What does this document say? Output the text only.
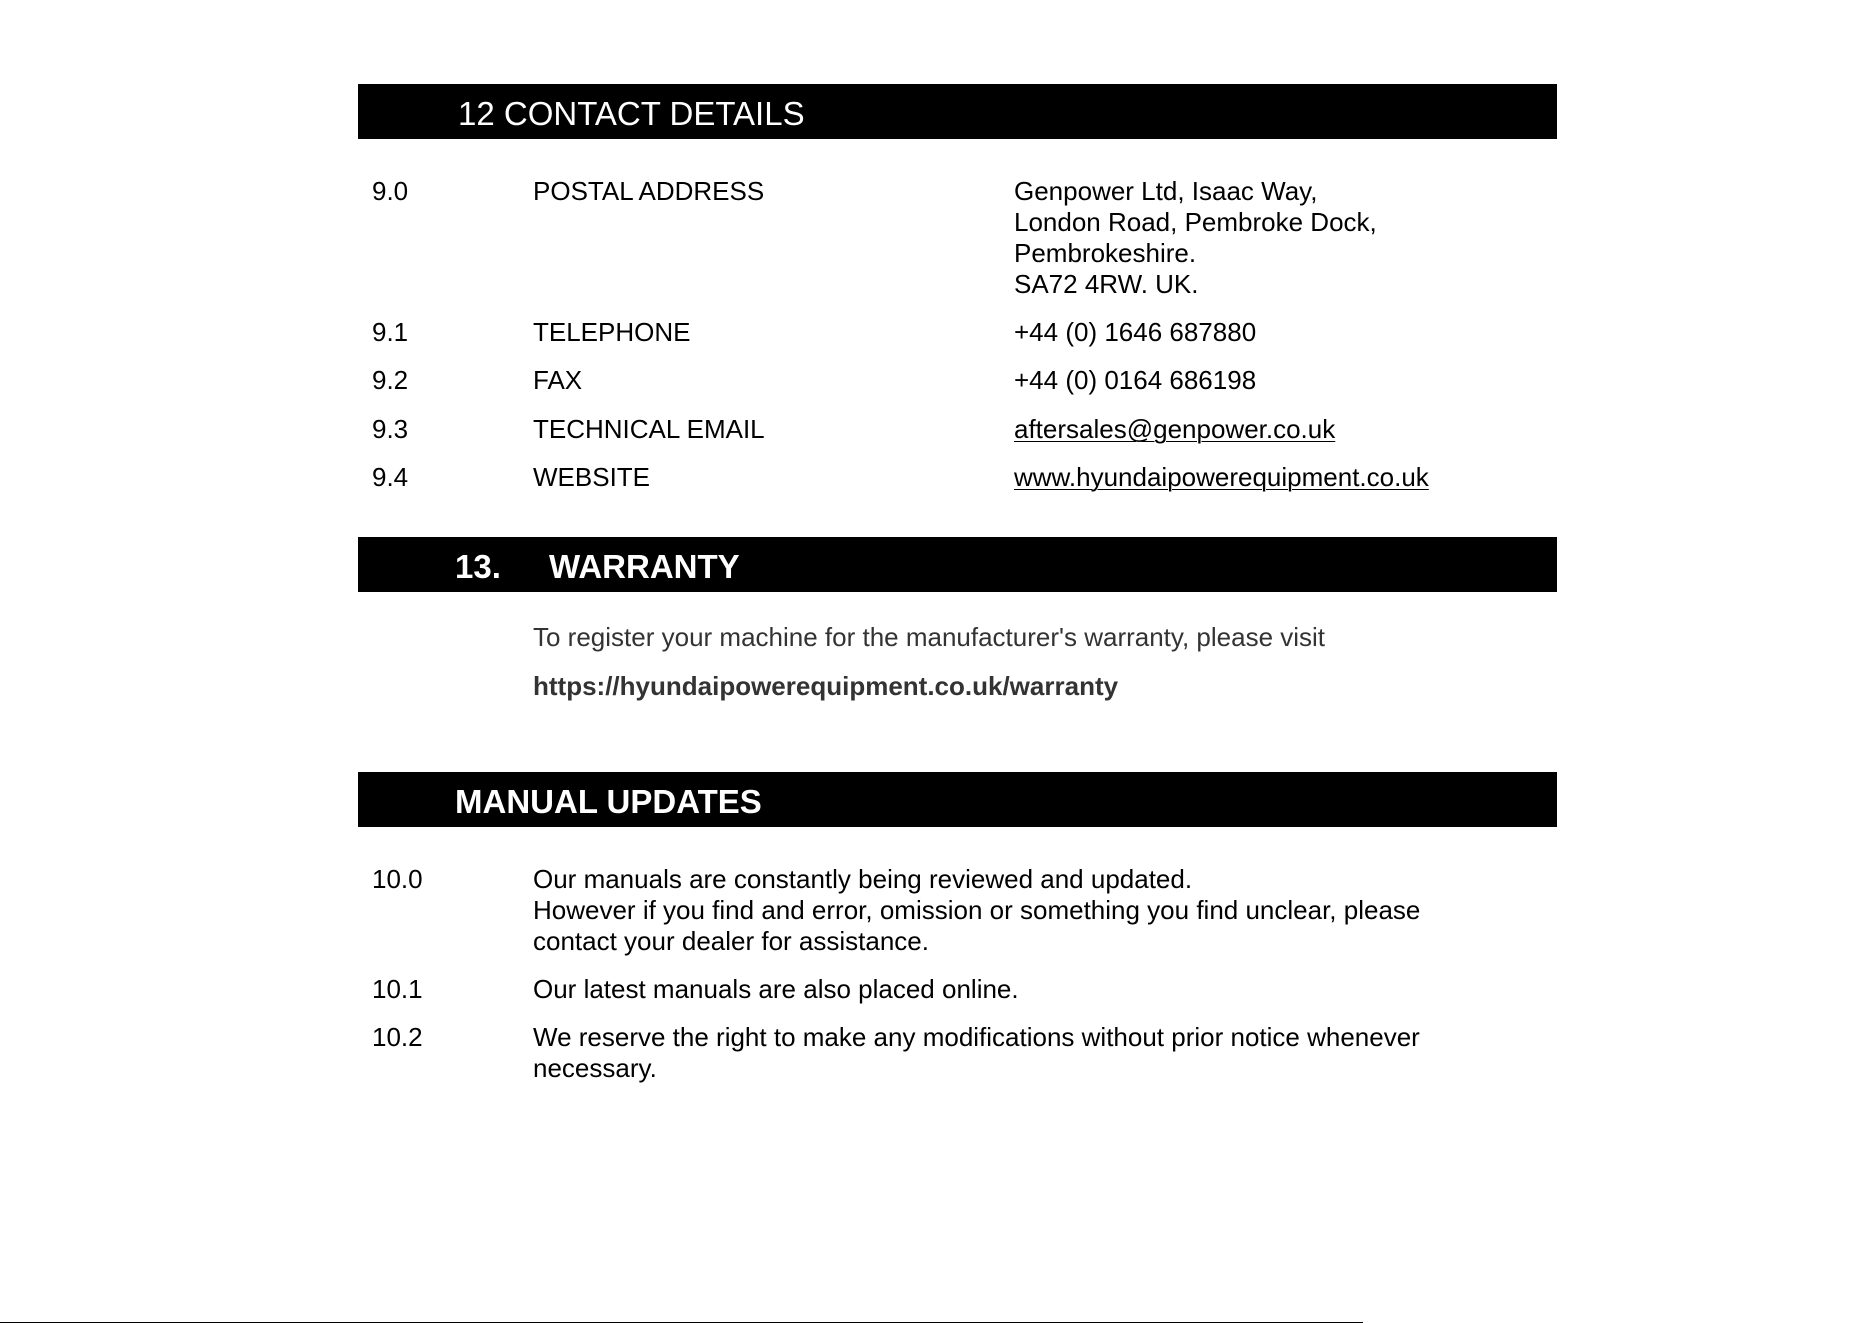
12 CONTACT DETAILS
9.0	POSTAL ADDRESS	Genpower Ltd, Isaac Way,
London Road, Pembroke Dock,
Pembrokeshire.
SA72 4RW. UK.
9.1	TELEPHONE	+44 (0) 1646 687880
9.2	FAX	+44 (0) 0164 686198
9.3	TECHNICAL EMAIL	aftersales@genpower.co.uk
9.4	WEBSITE	www.hyundaipowerequipment.co.uk
13. WARRANTY
To register your machine for the manufacturer's warranty, please visit
https://hyundaipowerequipment.co.uk/warranty
MANUAL UPDATES
10.0	Our manuals are constantly being reviewed and updated.
However if you find and error, omission or something you find unclear, please
contact your dealer for assistance.
10.1	Our latest manuals are also placed online.
10.2	We reserve the right to make any modifications without prior notice whenever
necessary.
